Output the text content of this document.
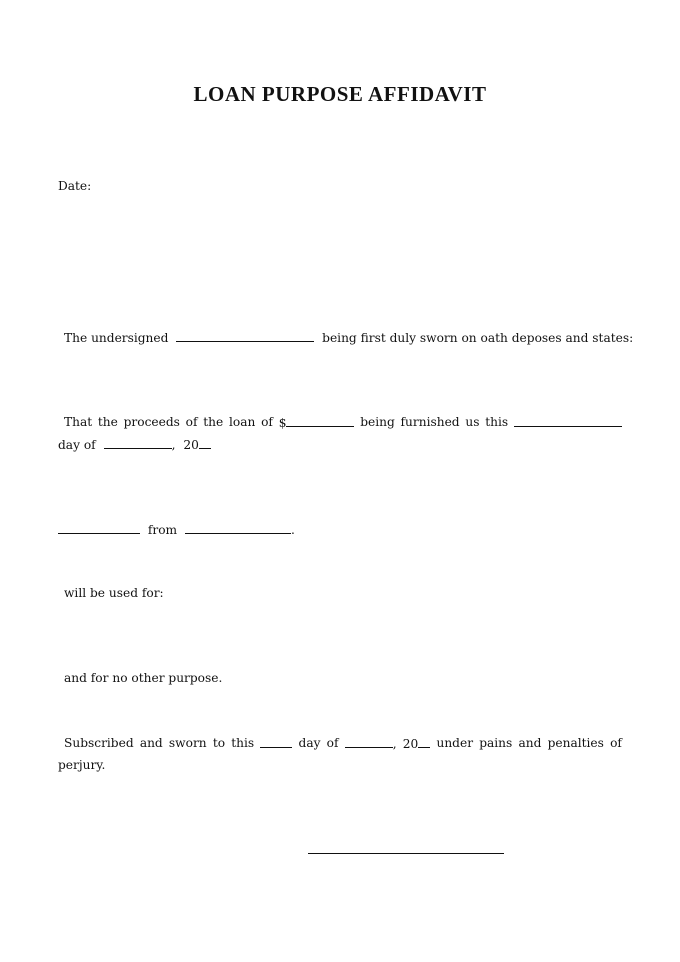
LOAN PURPOSE AFFIDAVIT
Date:
The undersigned	being first duly sworn on oath deposes and states:
That the proceeds of the loan of $	being furnished us this
day of	, 20
from	.
will be used for:
and for no other purpose.
Subscribed and sworn to this	day of	, 20	under pains and penalties of
perjury.
